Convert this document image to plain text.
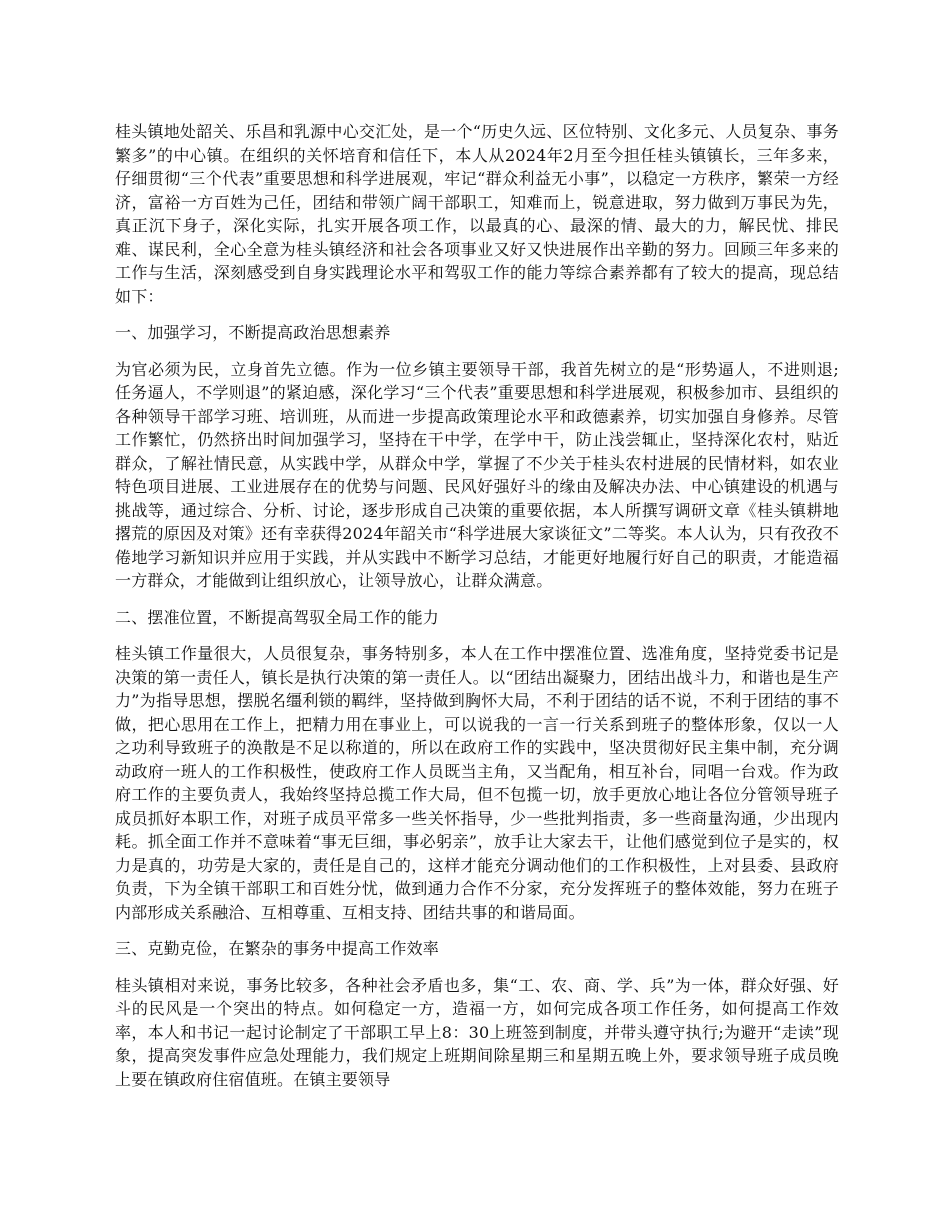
桂头镇地处韶关、乐昌和乳源中心交汇处，是一个“历史久远、区位特别、文化多元、人员复杂、事务繁多”的中心镇。在组织的关怀培育和信任下，本人从2024年2月至今担任桂头镇镇长，三年多来，仔细贯彻“三个代表”重要思想和科学进展观，牢记“群众利益无小事”，以稳定一方秩序，繁荣一方经济，富裕一方百姓为己任，团结和带领广阔干部职工，知难而上，锐意进取，努力做到万事民为先，真正沉下身子，深化实际，扎实开展各项工作，以最真的心、最深的情、最大的力，解民忧、排民难、谋民利，全心全意为桂头镇经济和社会各项事业又好又快进展作出辛勤的努力。回顾三年多来的工作与生活，深刻感受到自身实践理论水平和驾驭工作的能力等综合素养都有了较大的提高，现总结如下：

一、加强学习，不断提高政治思想素养

为官必须为民，立身首先立德。作为一位乡镇主要领导干部，我首先树立的是“形势逼人，不进则退;任务逼人，不学则退”的紧迫感，深化学习“三个代表”重要思想和科学进展观，积极参加市、县组织的各种领导干部学习班、培训班，从而进一步提高政策理论水平和政德素养，切实加强自身修养。尽管工作繁忙，仍然挤出时间加强学习，坚持在干中学，在学中干，防止浅尝辄止，坚持深化农村，贴近群众，了解社情民意，从实践中学，从群众中学，掌握了不少关于桂头农村进展的民情材料，如农业特色项目进展、工业进展存在的优势与问题、民风好强好斗的缘由及解决办法、中心镇建设的机遇与挑战等，通过综合、分析、讨论，逐步形成自己决策的重要依据，本人所撰写调研文章《桂头镇耕地撂荒的原因及对策》还有幸获得2024年韶关市“科学进展大家谈征文”二等奖。本人认为，只有孜孜不倦地学习新知识并应用于实践，并从实践中不断学习总结，才能更好地履行好自己的职责，才能造福一方群众，才能做到让组织放心，让领导放心，让群众满意。

二、摆准位置，不断提高驾驭全局工作的能力

桂头镇工作量很大，人员很复杂，事务特别多，本人在工作中摆准位置、选准角度，坚持党委书记是决策的第一责任人，镇长是执行决策的第一责任人。以“团结出凝聚力，团结出战斗力，和谐也是生产力”为指导思想，摆脱名缰利锁的羁绊，坚持做到胸怀大局，不利于团结的话不说，不利于团结的事不做，把心思用在工作上，把精力用在事业上，可以说我的一言一行关系到班子的整体形象，仅以一人之功利导致班子的涣散是不足以称道的，所以在政府工作的实践中，坚决贯彻好民主集中制，充分调动政府一班人的工作积极性，使政府工作人员既当主角，又当配角，相互补台，同唱一台戏。作为政府工作的主要负责人，我始终坚持总揽工作大局，但不包揽一切，放手更放心地让各位分管领导班子成员抓好本职工作，对班子成员平常多一些关怀指导，少一些批判指责，多一些商量沟通，少出现内耗。抓全面工作并不意味着“事无巨细，事必躬亲”，放手让大家去干，让他们感觉到位子是实的，权力是真的，功劳是大家的，责任是自己的，这样才能充分调动他们的工作积极性，上对县委、县政府负责，下为全镇干部职工和百姓分忧，做到通力合作不分家，充分发挥班子的整体效能，努力在班子内部形成关系融洽、互相尊重、互相支持、团结共事的和谐局面。

三、克勤克俭，在繁杂的事务中提高工作效率

桂头镇相对来说，事务比较多，各种社会矛盾也多，集“工、农、商、学、兵”为一体，群众好强、好斗的民风是一个突出的特点。如何稳定一方，造福一方，如何完成各项工作任务，如何提高工作效率，本人和书记一起讨论制定了干部职工早上8：30上班签到制度，并带头遵守执行;为避开“走读”现象，提高突发事件应急处理能力，我们规定上班期间除星期三和星期五晚上外，要求领导班子成员晚上要在镇政府住宿值班。在镇主要领导
